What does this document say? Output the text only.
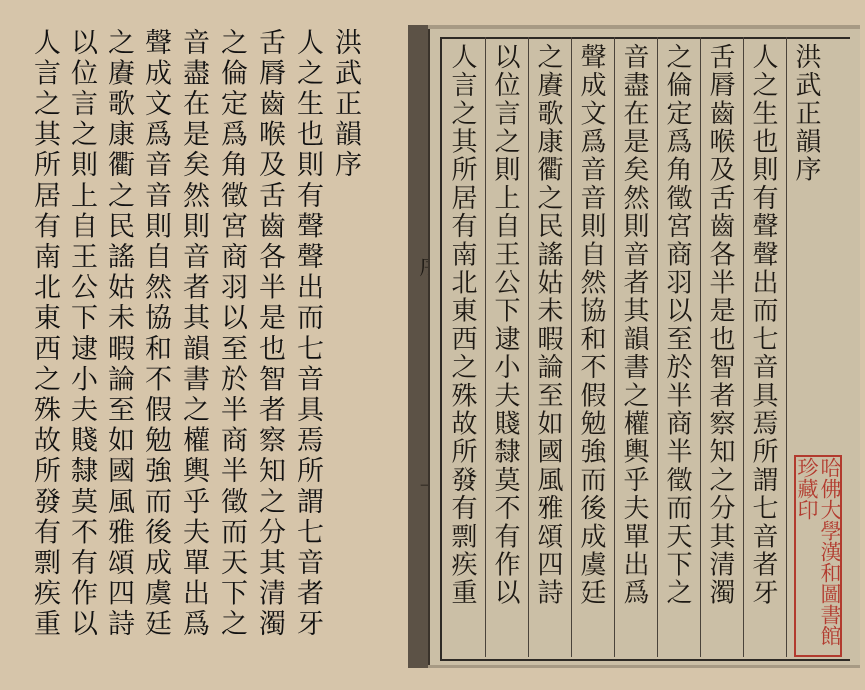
洪武正韻序
人之生也則有聲聲出而七音具焉所謂七音者牙
舌脣齒喉及舌齒各半是也智者察知之分其清濁
之倫定爲角徵宮商羽以至於半商半徵而天下之
音盡在是矣然則音者其韻書之權輿乎夫單出爲
聲成文爲音音則自然協和不假勉強而後成虞廷
之賡歌康衢之民謠姑未暇論至如國風雅頌四詩
以位言之則上自王公下逮小夫賤隸莫不有作以
人言之其所居有南北東西之殊故所發有剽疾重	洪武正韻序
人之生也則有聲聲出而七音具焉所謂七音者牙
舌脣齒喉及舌齒各半是也智者察知之分其清濁
之倫定爲角徵宮商羽以至於半商半徵而天下之
音盡在是矣然則音者其韻書之權輿乎夫單出爲
聲成文爲音音則自然協和不假勉強而後成虞廷
之賡歌康衢之民謠姑未暇論至如國風雅頌四詩
以位言之則上自王公下逮小夫賤隸莫不有作以
人言之其所居有南北東西之殊故所發有剽疾重	哈佛大學漢和圖書館珍藏印
